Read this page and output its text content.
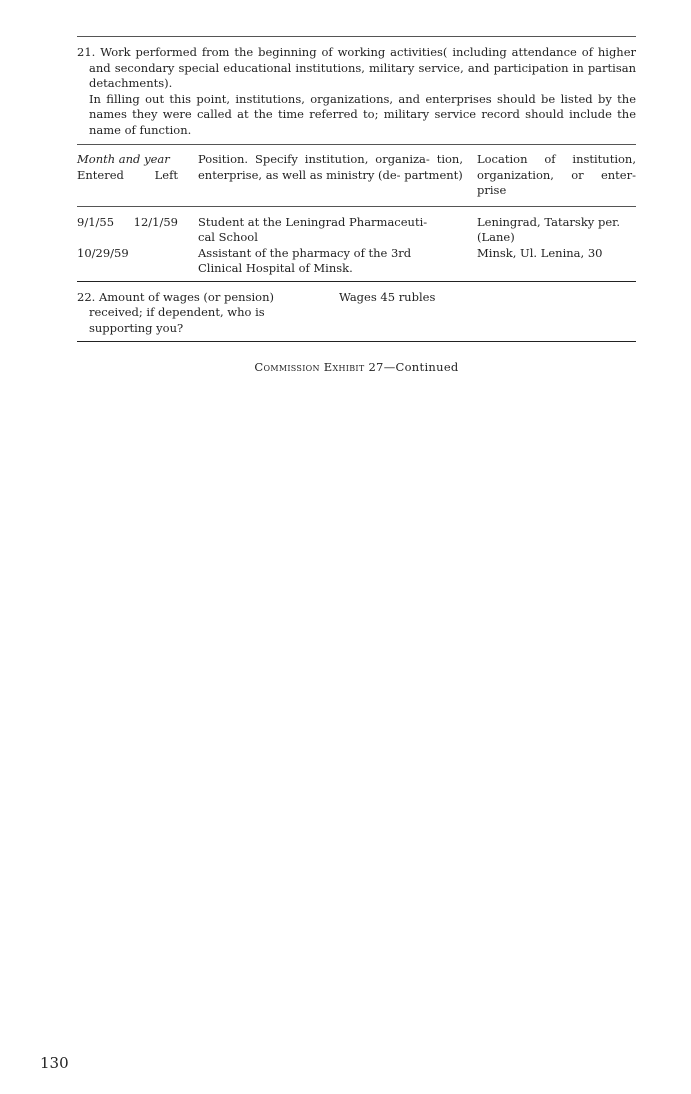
21. Work performed from the beginning of working activities( including attendance of higher and secondary special educational institutions, military service, and participation in partisan detachments).
In filling out this point, institutions, organizations, and enterprises should be listed by the names they were called at the time referred to; military service record should include the name of function.
Month and year
Entered	Left
Position. Specify institution, organiza- tion, enterprise, as well as ministry (de- partment)
Location of institution, organization, or enter- prise
9/1/55 12/1/59 Student at the Leningrad Pharmaceuti-
cal School
Leningrad, Tatarsky per.
(Lane)
10/29/59	Assistant of the pharmacy of the 3rd
Clinical Hospital of Minsk.
Minsk, Ul. Lenina, 30
22. Amount of wages (or pension)
received; if dependent, who is
supporting you?
Wages 45 rubles
Commission Exhibit 27—Continued
130
